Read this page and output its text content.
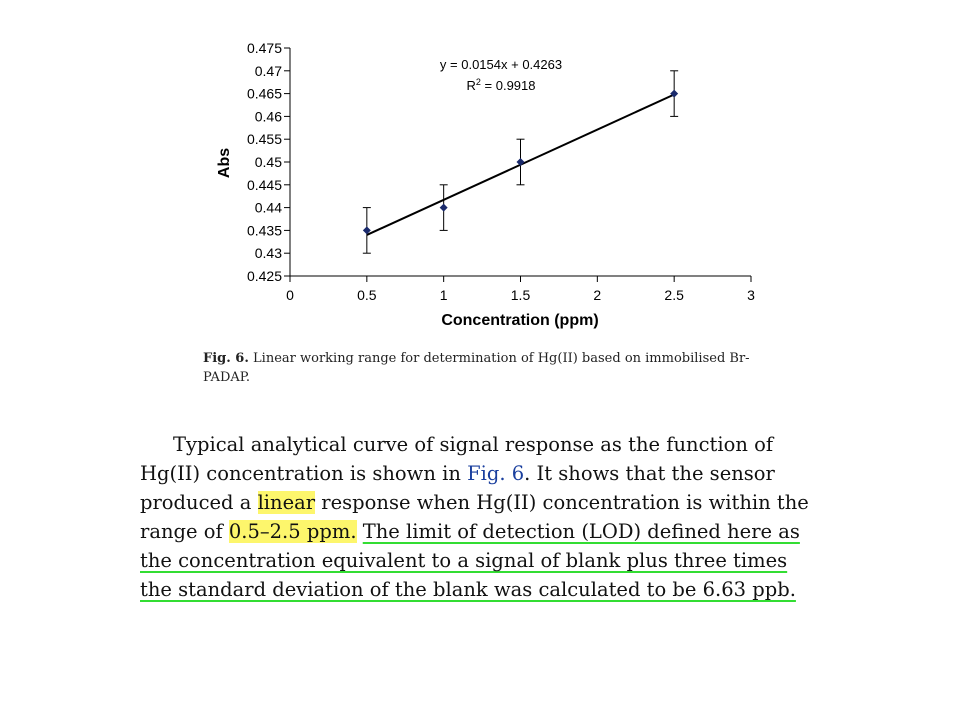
0	0.5	1	1.5	2	2.5	3
0.425
0.43
0.435
0.44
0.445
0.45
0.455
0.46
0.465
0.47
0.475
Concentration (ppm)
Abs
y = 0.0154x + 0.4263
$R^2 = 0.9918$

Fig. 6. Linear working range for determination of Hg(II) based on immobilised Br-PADAP.

Typical analytical curve of signal response as the function of
Hg(II) concentration is shown in Fig. 6. It shows that the sensor
produced a linear response when Hg(II) concentration is within the
range of 0.5–2.5 ppm. The limit of detection (LOD) defined here as
the concentration equivalent to a signal of blank plus three times
the standard deviation of the blank was calculated to be 6.63 ppb.
